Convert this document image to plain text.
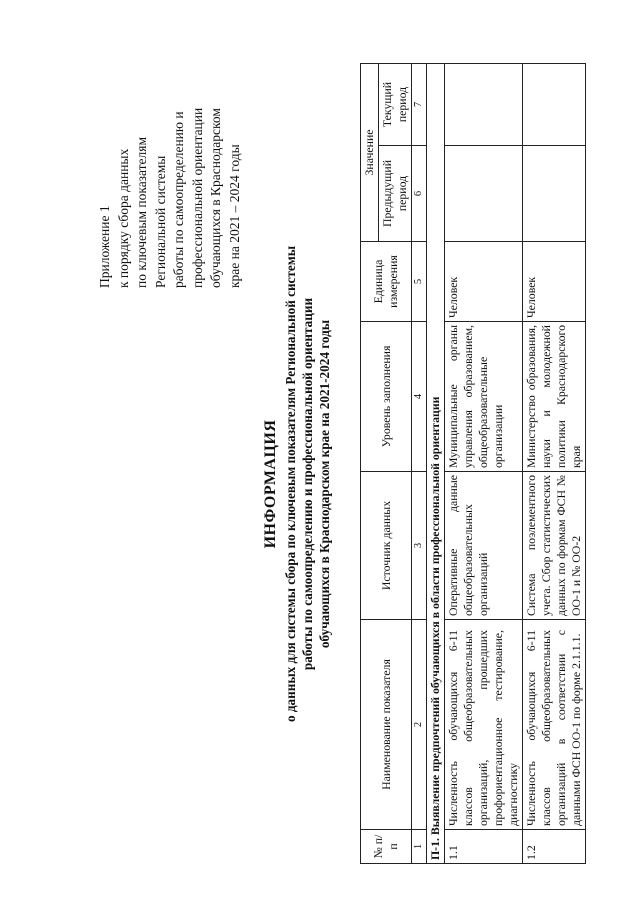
Приложение 1 к порядку сбора данных по ключевым показателям Региональной системы работы по самоопределению и профессиональной ориентации обучающихся в Краснодарском крае на 2021 – 2024 годы
ИНФОРМАЦИЯ о данных для системы сбора по ключевым показателям Региональной системы работы по самоопределению и профессиональной ориентации обучающихся в Краснодарском крае на 2021-2024 годы
№ п/п	Наименование показателя	Источник данных	Уровень заполнения	Единица измерения	Значение	
					Предыдущий период	Текущий период
1	2	3	4	5	6	7
П-1. Выявление предпочтений обучающихся в области профессиональной ориентации						
1.1	Численность обучающихся 6-11 классов общеобразовательных организаций, прошедших профориентационное тестирование, диагностику	Оперативные данные общеобразовательных организаций	Муниципальные органы управления образованием, общеобразовательные организации	Человек		
1.2	Численность обучающихся 6-11 классов общеобразовательных организаций в соответствии с данными ФСН ОО-1 по форме 2.1.1.1.	Система поэлементного учета. Сбор статистических данных по формам ФСН № ОО-1 и № ОО-2	Министерство образования, науки и молодежной политики Краснодарского края	Человек		
